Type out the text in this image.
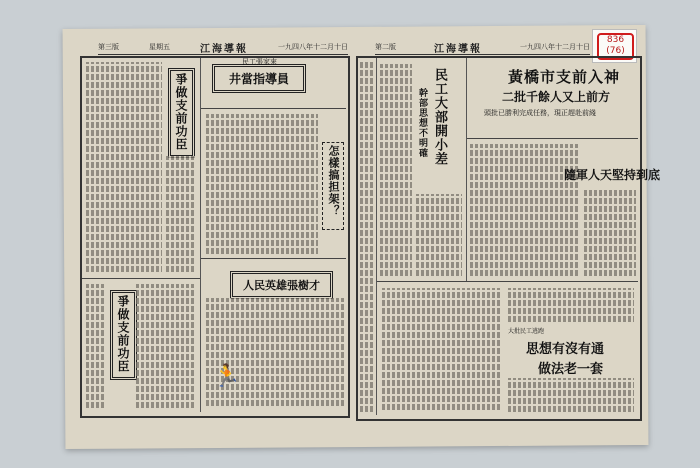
836
(76)
第三版	星期五	江海導報	一九四八年十二月十日	第二版	江海導報	一九四八年十二月十日
爭做支前功臣
爭做支前功臣
井當指導員
民工張家來
怎樣搞担架？
人民英雄張樹才
🏃
民工大部開小差
幹部思想不明確
黃橋市支前入神
二批千餘人又上前方
頭批已勝利完成任務，現正趕赴前綫
隨軍人天堅持到底
大批民工逃跑
思想有沒有通
做法老一套
